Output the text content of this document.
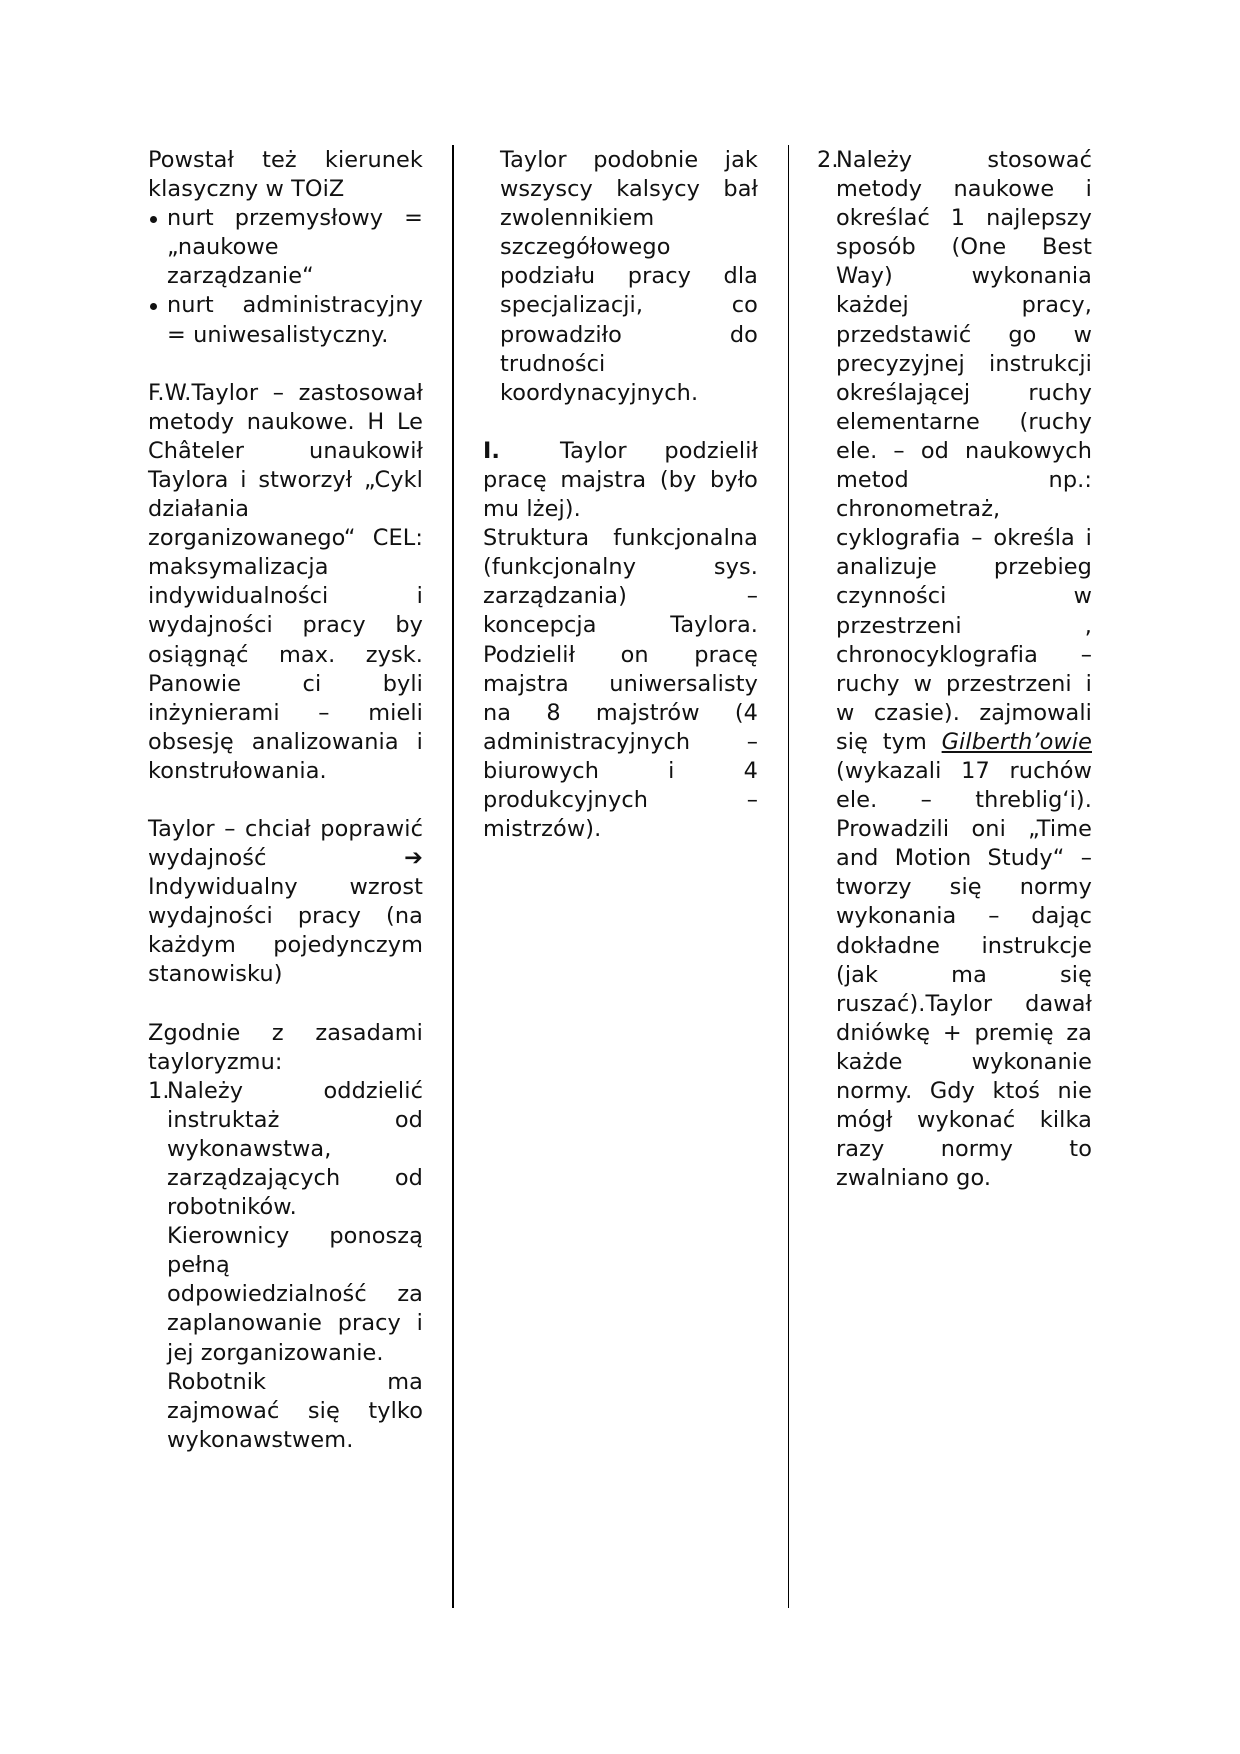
Powstał też kierunek klasyczny w TOiZ

nurt przemysłowy = „naukowe zarządzanie“
nurt administracyjny = uniwesalistyczny.

F.W.Taylor – zastosował metody naukowe. H Le Châteler unaukowił Taylora i stworzył „Cykl działania zorganizowanego“ CEL: maksymalizacja indywidualności i wydajności pracy by osiągnąć max. zysk. Panowie ci byli inżynierami – mieli obsesję analizowania i konstrułowania.

Taylor – chciał poprawić wydajność	➔ Indywidualny wzrost wydajności pracy (na każdym pojedynczym stanowisku)

Zgodnie z zasadami tayloryzmu:

1.

Należy oddzielić instruktaż od wykonawstwa, zarządzających od robotników.

Kierownicy ponoszą pełną odpowiedzialność za zaplanowanie pracy i jej zorganizowanie.

Robotnik ma zajmować się tylko wykonawstwem.

Taylor podobnie jak wszyscy kalsycy bał zwolennikiem szczegółowego podziału pracy dla specjalizacji, co prowadziło do trudności koordynacyjnych.

I.	Taylor podzielił pracę majstra (by było mu lżej).

Struktura funkcjonalna (funkcjonalny sys. zarządzania) – koncepcja Taylora. Podzielił on pracę majstra uniwersalisty na 8 majstrów (4 administracyjnych – biurowych i 4 produkcyjnych – mistrzów).

2.

Należy stosować metody naukowe i określać 1 najlepszy sposób (One Best Way) wykonania każdej pracy, przedstawić go w precyzyjnej instrukcji określającej ruchy elementarne (ruchy ele. – od naukowych metod np.: chronometraż, cyklografia – określa i analizuje przebieg czynności w przestrzeni , chronocyklografia – ruchy w przestrzeni i w czasie). zajmowali się tym Gilberth’owie (wykazali 17 ruchów ele. – threblig‘i). Prowadzili oni „Time and Motion Study“ – tworzy się normy wykonania – dając dokładne instrukcje (jak ma się ruszać).Taylor dawał dniówkę + premię za każde wykonanie normy. Gdy ktoś nie mógł wykonać kilka razy normy to zwalniano go.
